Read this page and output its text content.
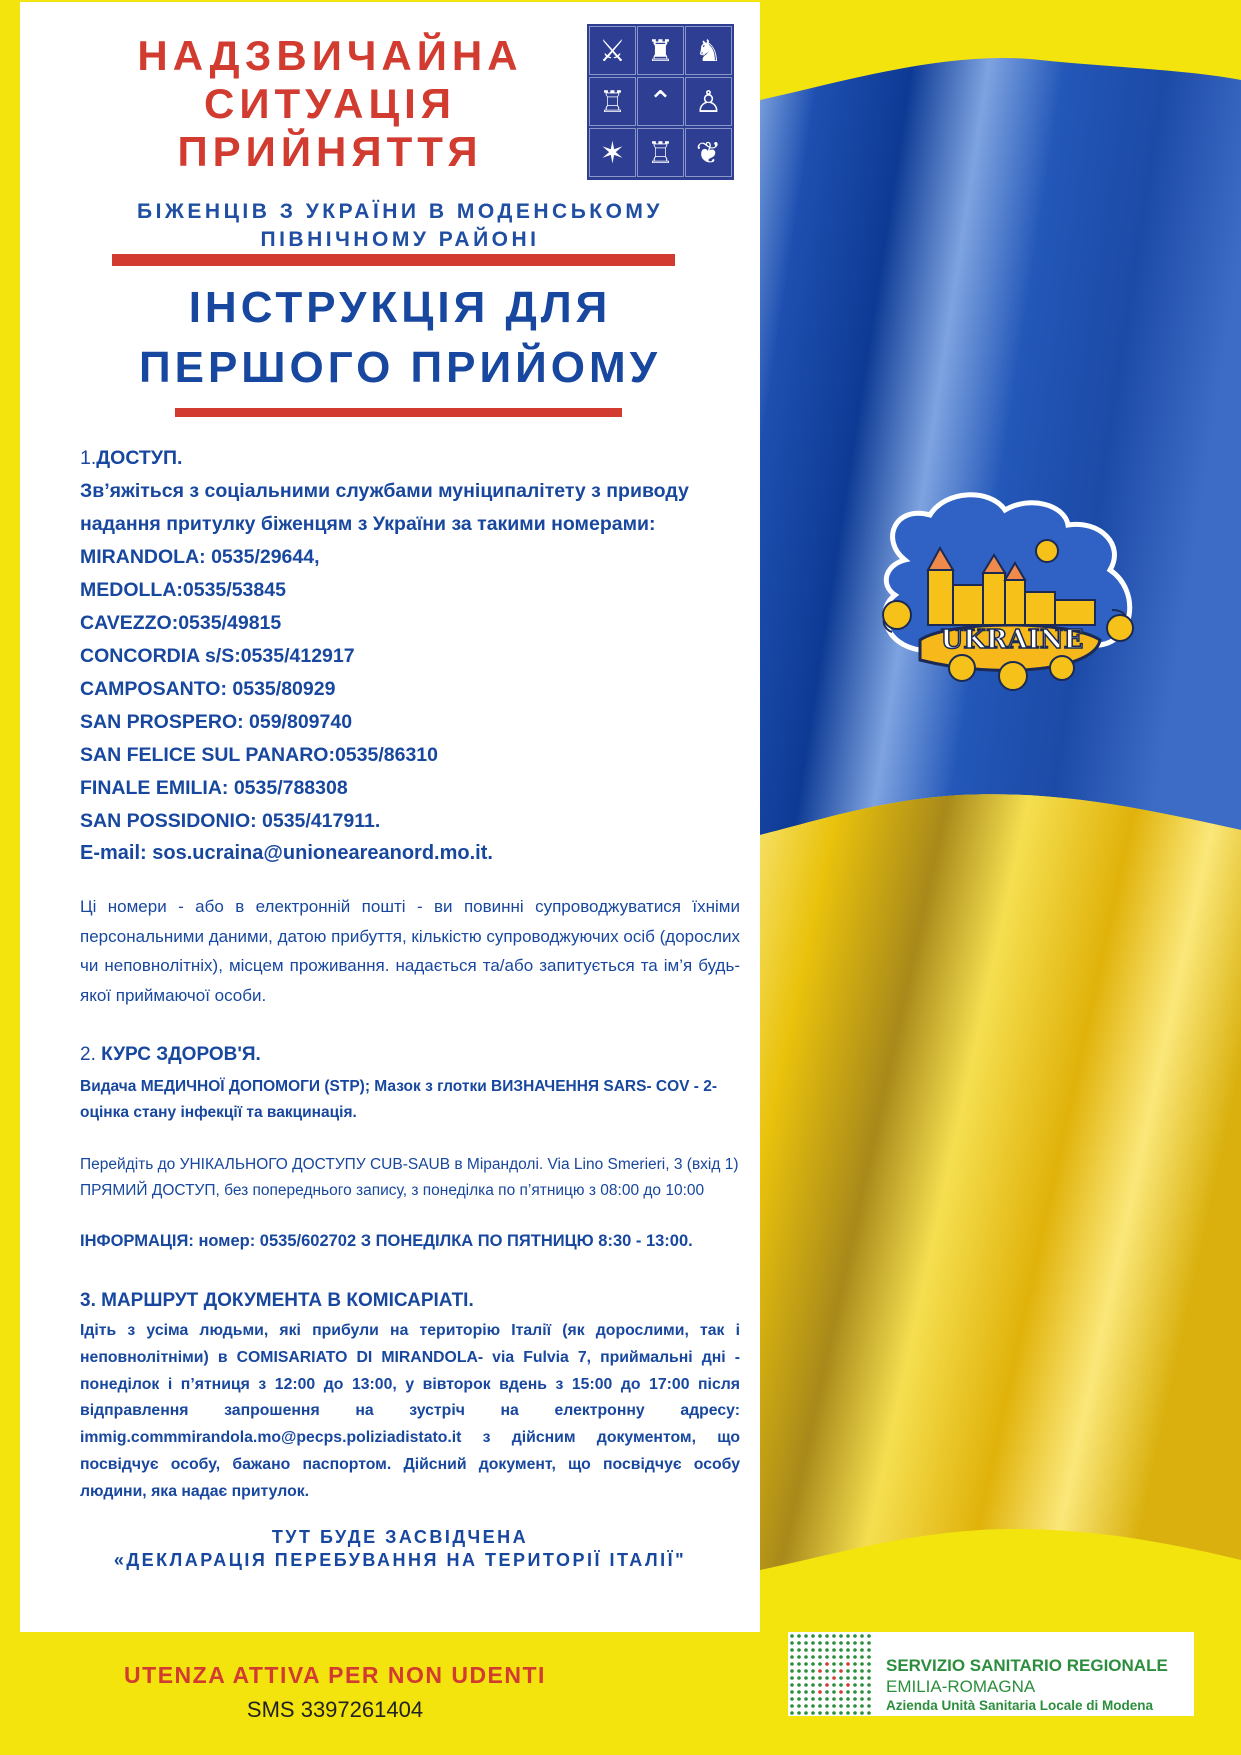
UKRAINE
НАДЗВИЧАЙНА
СИТУАЦІЯ
ПРИЙНЯТТЯ
⚔ ♜ ♞
♖ ⌃ ♙
✶ ♖ ❦
БІЖЕНЦІВ З УКРАЇНИ В МОДЕНСЬКОМУ
ПІВНІЧНОМУ РАЙОНІ
ІНСТРУКЦІЯ ДЛЯ
ПЕРШОГО ПРИЙОМУ
1.ДОСТУП.
Зв’яжіться з соціальними службами муніципалітету з приводу
надання притулку біженцям з України за такими номерами:
MIRANDOLA: 0535/29644,
MEDOLLA:0535/53845
CAVEZZO:0535/49815
CONCORDIA s/S:0535/412917
CAMPOSANTO: 0535/80929
SAN PROSPERO: 059/809740
SAN FELICE SUL PANARO:0535/86310
FINALE EMILIA: 0535/788308
SAN POSSIDONIO: 0535/417911.
E-mail: sos.ucraina@unioneareanord.mo.it.
Ці номери - або в електронній пошті - ви повинні супроводжуватися їхніми персональними даними, датою прибуття, кількістю супроводжуючих осіб (дорослих чи неповнолітніх), місцем проживання. надається та/або запитується та ім’я будь-якої приймаючої особи.
2. КУРС ЗДОРОВ'Я.
Видача МЕДИЧНОЇ ДОПОМОГИ (STP); Мазок з глотки ВИЗНАЧЕННЯ SARS- COV - 2- оцінка стану інфекції та вакцинація.
Перейдіть до УНІКАЛЬНОГО ДОСТУПУ CUB-SAUB в Мірандолі. Via Lino Smerieri, 3 (вхід 1) ПРЯМИЙ ДОСТУП, без попереднього запису, з понеділка по п’ятницю з 08:00 до 10:00
ІНФОРМАЦІЯ: номер: 0535/602702 З ПОНЕДІЛКА ПО ПЯТНИЦЮ 8:30 - 13:00.
3. МАРШРУТ ДОКУМЕНТА В КОМІСАРІАТІ.
Ідіть з усіма людьми, які прибули на територію Італії (як дорослими, так і неповнолітніми) в COMISARIATO DI MIRANDOLA- via Fulvia 7, приймальні дні - понеділок і п’ятниця з 12:00 до 13:00, у вівторок вдень з 15:00 до 17:00 після відправлення запрошення на зустріч на електронну адресу: immig.commmirandola.mo@pecps.poliziadistato.it з дійсним документом, що посвідчує особу, бажано паспортом. Дійсний документ, що посвідчує особу людини, яка надає притулок.
ТУТ БУДЕ ЗАСВІДЧЕНА
«ДЕКЛАРАЦІЯ ПЕРЕБУВАННЯ НА ТЕРИТОРІЇ ІТАЛІЇ"
UTENZA ATTIVA PER NON UDENTI
SMS 3397261404
SERVIZIO SANITARIO REGIONALE
EMILIA-ROMAGNA
Azienda Unità Sanitaria Locale di Modena
